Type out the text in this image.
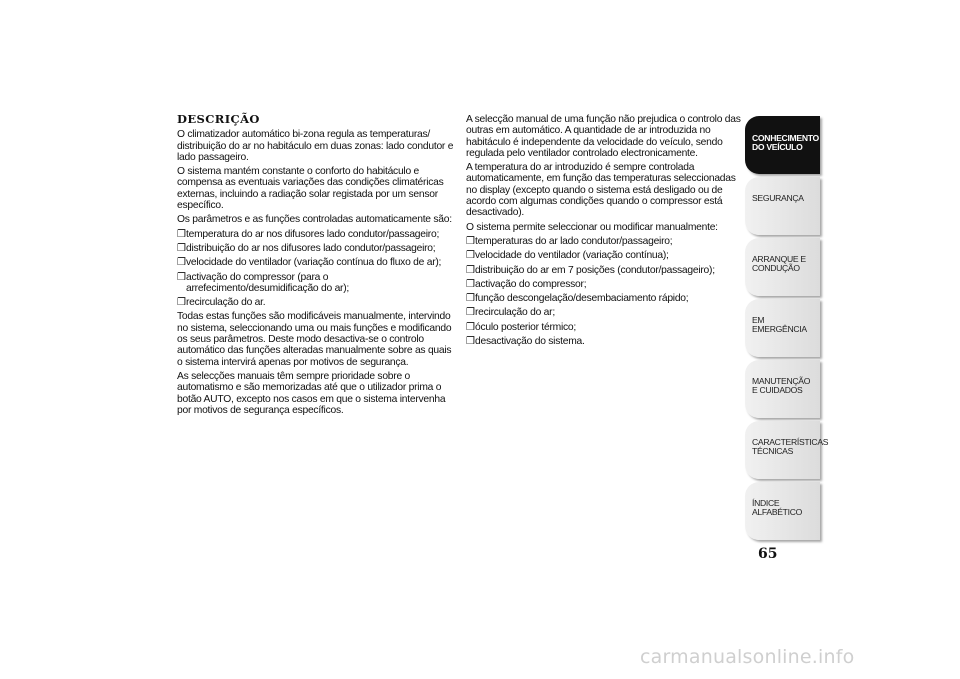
DESCRIÇÃO
O climatizador automático bi-zona regula as temperaturas/ distribuição do ar no habitáculo em duas zonas: lado condutor e lado passageiro.
O sistema mantém constante o conforto do habitáculo e compensa as eventuais variações das condições climatéricas externas, incluindo a radiação solar registada por um sensor específico.
Os parâmetros e as funções controladas automaticamente são:
❒ temperatura do ar nos difusores lado condutor/passageiro;
❒ distribuição do ar nos difusores lado condutor/passageiro;
❒ velocidade do ventilador (variação contínua do fluxo de ar);
❒ activação do compressor (para o arrefecimento/desumidificação do ar);
❒ recirculação do ar.
Todas estas funções são modificáveis manualmente, intervindo no sistema, seleccionando uma ou mais funções e modificando os seus parâmetros. Deste modo desactiva-se o controlo automático das funções alteradas manualmente sobre as quais o sistema intervirá apenas por motivos de segurança.
As selecções manuais têm sempre prioridade sobre o automatismo e são memorizadas até que o utilizador prima o botão AUTO, excepto nos casos em que o sistema intervenha por motivos de segurança específicos.
A selecção manual de uma função não prejudica o controlo das outras em automático. A quantidade de ar introduzida no habitáculo é independente da velocidade do veículo, sendo regulada pelo ventilador controlado electronicamente.
A temperatura do ar introduzido é sempre controlada automaticamente, em função das temperaturas seleccionadas no display (excepto quando o sistema está desligado ou de acordo com algumas condições quando o compressor está desactivado).
O sistema permite seleccionar ou modificar manualmente:
❒ temperaturas do ar lado condutor/passageiro;
❒ velocidade do ventilador (variação contínua);
❒ distribuição do ar em 7 posições (condutor/passageiro);
❒ activação do compressor;
❒ função descongelação/desembaciamento rápido;
❒ recirculação do ar;
❒ óculo posterior térmico;
❒ desactivação do sistema.
CONHECIMENTO DO VEÍCULO
SEGURANÇA
ARRANQUE E CONDUÇÃO
EM EMERGÊNCIA
MANUTENÇÃO E CUIDADOS
CARACTERÍSTICAS TÉCNICAS
ÍNDICE ALFABÉTICO
65
carmanualsonline.info
